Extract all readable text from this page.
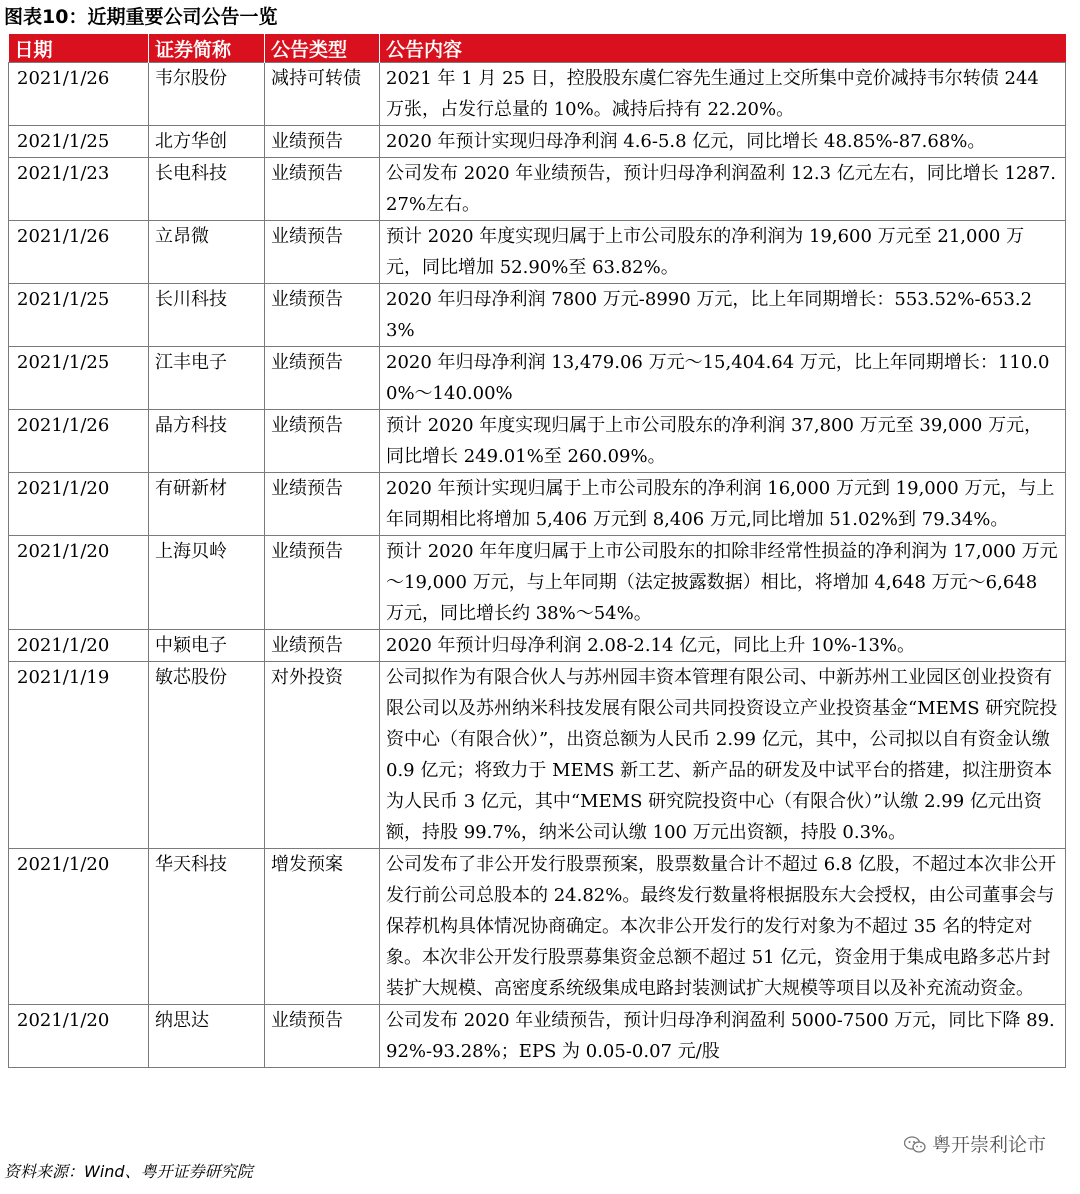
图表10：近期重要公司公告一览
日期	证券简称	公告类型	公告内容
2021/1/26	韦尔股份	减持可转债	2021 年 1 月 25 日，控股股东虞仁容先生通过上交所集中竞价减持韦尔转债 244 万张，占发行总量的 10%。减持后持有 22.20%。
2021/1/25	北方华创	业绩预告	2020 年预计实现归母净利润 4.6-5.8 亿元，同比增长 48.85%-87.68%。
2021/1/23	长电科技	业绩预告	公司发布 2020 年业绩预告，预计归母净利润盈利 12.3 亿元左右，同比增长 1287.27%左右。
2021/1/26	立昂微	业绩预告	预计 2020 年度实现归属于上市公司股东的净利润为 19,600 万元至 21,000 万元，同比增加 52.90%至 63.82%。
2021/1/25	长川科技	业绩预告	2020 年归母净利润 7800 万元-8990 万元，比上年同期增长：553.52%-653.23%
2021/1/25	江丰电子	业绩预告	2020 年归母净利润 13,479.06 万元～15,404.64 万元，比上年同期增长：110.00%～140.00%
2021/1/26	晶方科技	业绩预告	预计 2020 年度实现归属于上市公司股东的净利润 37,800 万元至 39,000 万元，同比增长 249.01%至 260.09%。
2021/1/20	有研新材	业绩预告	2020 年预计实现归属于上市公司股东的净利润 16,000 万元到 19,000 万元，与上年同期相比将增加 5,406 万元到 8,406 万元,同比增加 51.02%到 79.34%。
2021/1/20	上海贝岭	业绩预告	预计 2020 年年度归属于上市公司股东的扣除非经常性损益的净利润为 17,000 万元～19,000 万元，与上年同期（法定披露数据）相比，将增加 4,648 万元～6,648 万元，同比增长约 38%～54%。
2021/1/20	中颖电子	业绩预告	2020 年预计归母净利润 2.08-2.14 亿元，同比上升 10%-13%。
2021/1/19	敏芯股份	对外投资	公司拟作为有限合伙人与苏州园丰资本管理有限公司、中新苏州工业园区创业投资有限公司以及苏州纳米科技发展有限公司共同投资设立产业投资基金“MEMS 研究院投资中心（有限合伙）”，出资总额为人民币 2.99 亿元，其中，公司拟以自有资金认缴 0.9 亿元；将致力于 MEMS 新工艺、新产品的研发及中试平台的搭建，拟注册资本为人民币 3 亿元，其中“MEMS 研究院投资中心（有限合伙）”认缴 2.99 亿元出资额，持股 99.7%，纳米公司认缴 100 万元出资额，持股 0.3%。
2021/1/20	华天科技	增发预案	公司发布了非公开发行股票预案，股票数量合计不超过 6.8 亿股，不超过本次非公开发行前公司总股本的 24.82%。最终发行数量将根据股东大会授权，由公司董事会与保荐机构具体情况协商确定。本次非公开发行的发行对象为不超过 35 名的特定对象。本次非公开发行股票募集资金总额不超过 51 亿元，资金用于集成电路多芯片封装扩大规模、高密度系统级集成电路封装测试扩大规模等项目以及补充流动资金。
2021/1/20	纳思达	业绩预告	公司发布 2020 年业绩预告，预计归母净利润盈利 5000-7500 万元，同比下降 89.92%-93.28%；EPS 为 0.05-0.07 元/股
粤开崇利论市
资料来源：Wind、粤开证券研究院
